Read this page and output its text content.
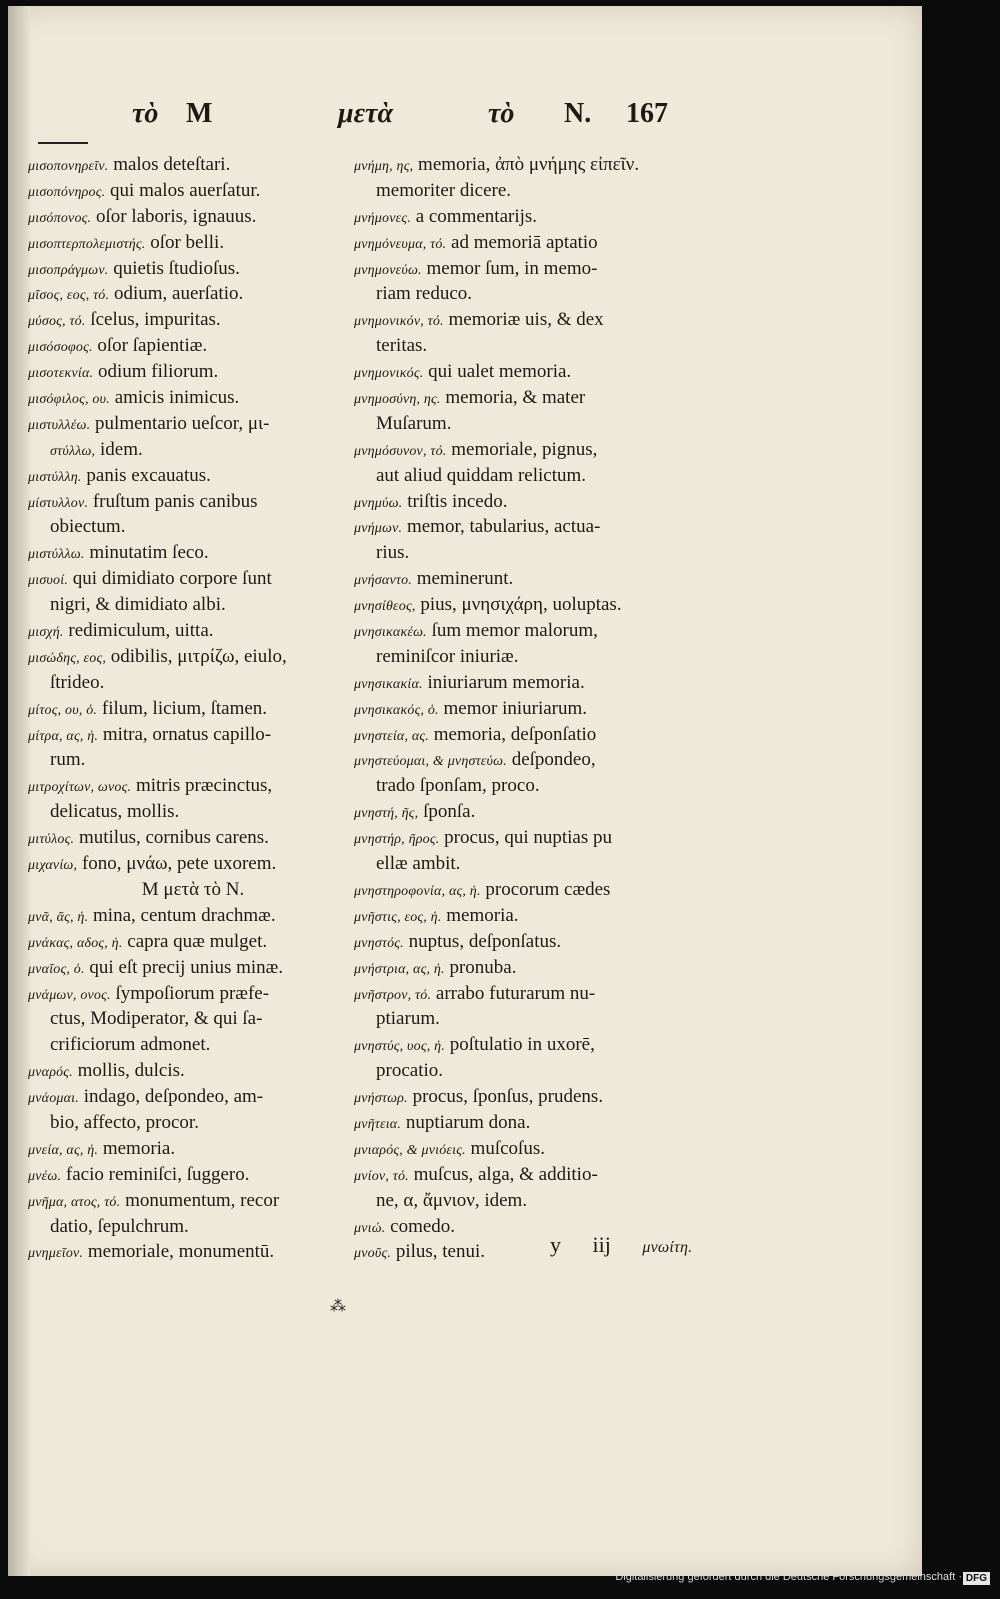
τὸ M	μετὰ	τὸ N. 167
μισοπονηρεῖν. malos deteſtari.
μισοπόνηρος. qui malos auerſatur.
μισόπονος. oſor laboris, ignauus.
μισοπτερπολεμιστής. oſor belli.
μισοπράγμων. quietis ſtudioſus.
μῖσος, εος, τό. odium, auerſatio.
μύσος, τό. ſcelus, impuritas.
μισόσοφος. oſor ſapientiæ.
μισοτεκνία. odium filiorum.
μισόφιλος, ου. amicis inimicus.
μιστυλλέω. pulmentario ueſcor, μι-
στύλλω, idem.
μιστύλλη. panis excauatus.
μίστυλλον. fruſtum panis canibus
obiectum.
μιστύλλω. minutatim ſeco.
μισυοί. qui dimidiato corpore ſunt
nigri, & dimidiato albi.
μισχή. redimiculum, uitta.
μισώδης, εος, odibilis, μιτρίζω, eiulo,
ſtrideo.
μίτος, ου, ὁ. filum, licium, ſtamen.
μίτρα, ας, ἡ. mitra, ornatus capillo-
rum.
μιτροχίτων, ωνος. mitris præcinctus,
delicatus, mollis.
μιτύλος. mutilus, cornibus carens.
μιχανίω, fono, μνάω, pete uxorem.
M μετὰ τὸ N.
μνᾶ, ᾶς, ἡ. mina, centum drachmæ.
μνάκας, αδος, ἡ. capra quæ mulget.
μναῖος, ὁ. qui eſt precij unius minæ.
μνάμων, ονος. ſympoſiorum præfe-
ctus, Modiperator, & qui ſa-
crificiorum admonet.
μναρός. mollis, dulcis.
μνάομαι. indago, deſpondeo, am-
bio, affecto, procor.
μνεία, ας, ἡ. memoria.
μνέω. facio reminiſci, ſuggero.
μνῆμα, ατος, τό. monumentum, recor
datio, ſepulchrum.
μνημεῖον. memoriale, monumentū.
μνήμη, ης, memoria, ἀπὸ μνήμης εἰπεῖν.
memoriter dicere.
μνήμονες. a commentarijs.
μνημόνευμα, τό. ad memoriā aptatio
μνημονεύω. memor ſum, in memo-
riam reduco.
μνημονικόν, τό. memoriæ uis, & dex
teritas.
μνημονικός. qui ualet memoria.
μνημοσύνη, ης. memoria, & mater
Muſarum.
μνημόσυνον, τό. memoriale, pignus,
aut aliud quiddam relictum.
μνημύω. triſtis incedo.
μνήμων. memor, tabularius, actua-
rius.
μνήσαντο. meminerunt.
μνησίθεος, pius, μνησιχάρη, uoluptas.
μνησικακέω. ſum memor malorum,
reminiſcor iniuriæ.
μνησικακία. iniuriarum memoria.
μνησικακός, ὁ. memor iniuriarum.
μνηστεία, ας. memoria, deſponſatio
μνηστεύομαι, & μνηστεύω. deſpondeo,
trado ſponſam, proco.
μνηστή, ῆς, ſponſa.
μνηστήρ, ῆρος. procus, qui nuptias pu
ellæ ambit.
μνηστηροφονία, ας, ἡ. procorum cædes
μνῆστις, εος, ἡ. memoria.
μνηστός. nuptus, deſponſatus.
μνήστρια, ας, ἡ. pronuba.
μνῆστρον, τό. arrabo futurarum nu-
ptiarum.
μνηστύς, υος, ἡ. poſtulatio in uxorē,
procatio.
μνήστωρ. procus, ſponſus, prudens.
μνῆτεια. nuptiarum dona.
μνιαρός, & μνιόεις. muſcoſus.
μνίον, τό. muſcus, alga, & additio-
ne, α, ἄμνιον, idem.
μνιώ. comedo.
μνοῦς. pilus, tenui.	y iij μνωίτη.
⁂
Digitalisierung gefördert durch die Deutsche Forschungsgemeinschaft · DFG
